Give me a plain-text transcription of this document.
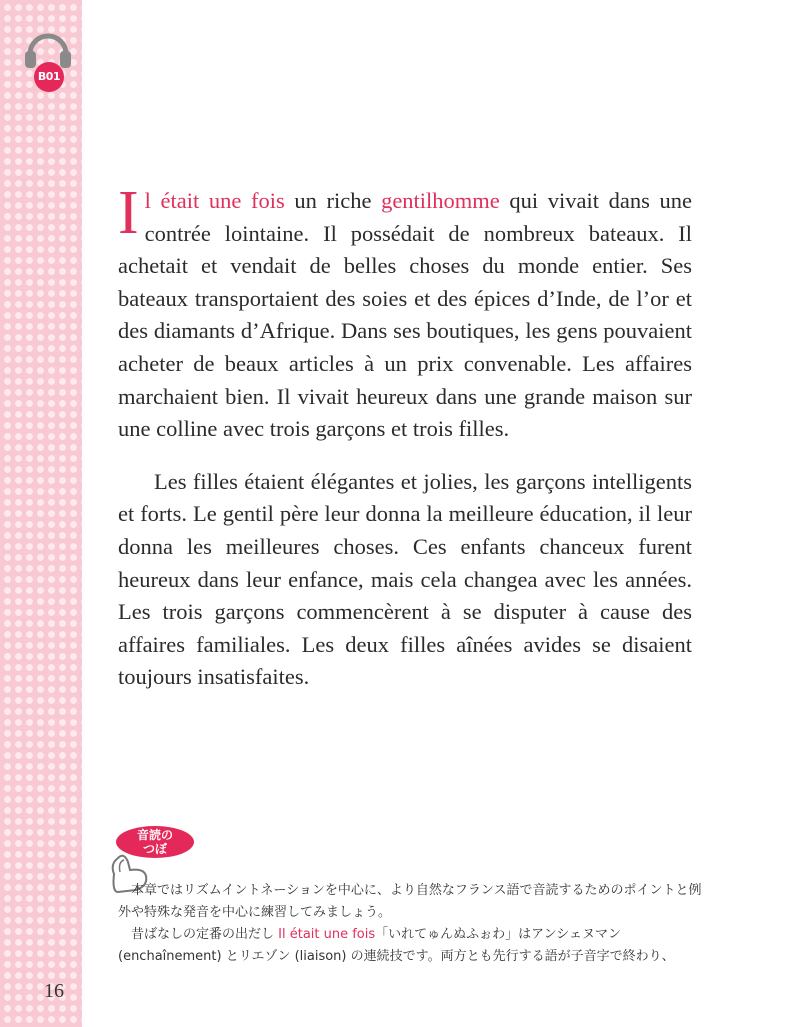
B01

Il était une fois un riche gentilhomme qui vivait dans une contrée lointaine. Il possédait de nombreux bateaux. Il achetait et vendait de belles choses du monde entier. Ses bateaux transportaient des soies et des épices d’Inde, de l’or et des diamants d’Afrique. Dans ses boutiques, les gens pouvaient acheter de beaux articles à un prix convenable. Les affaires marchaient bien. Il vivait heureux dans une grande maison sur une colline avec trois garçons et trois filles.

Les filles étaient élégantes et jolies, les garçons intelligents et forts. Le gentil père leur donna la meilleure éducation, il leur donna les meilleures choses. Ces enfants chanceux furent heureux dans leur enfance, mais cela changea avec les années. Les trois garçons commencèrent à se disputer à cause des affaires familiales. Les deux filles aînées avides se disaient toujours insatisfaites.

音読の
つぼ

本章ではリズムイントネーションを中心に、より自然なフランス語で音読するためのポイントと例外や特殊な発音を中心に練習してみましょう。

昔ばなしの定番の出だし Il était une fois「いれてゅんぬふぉわ」はアンシェヌマン (enchaînement) とリエゾン (liaison) の連続技です。両方とも先行する語が子音字で終わり、

16
